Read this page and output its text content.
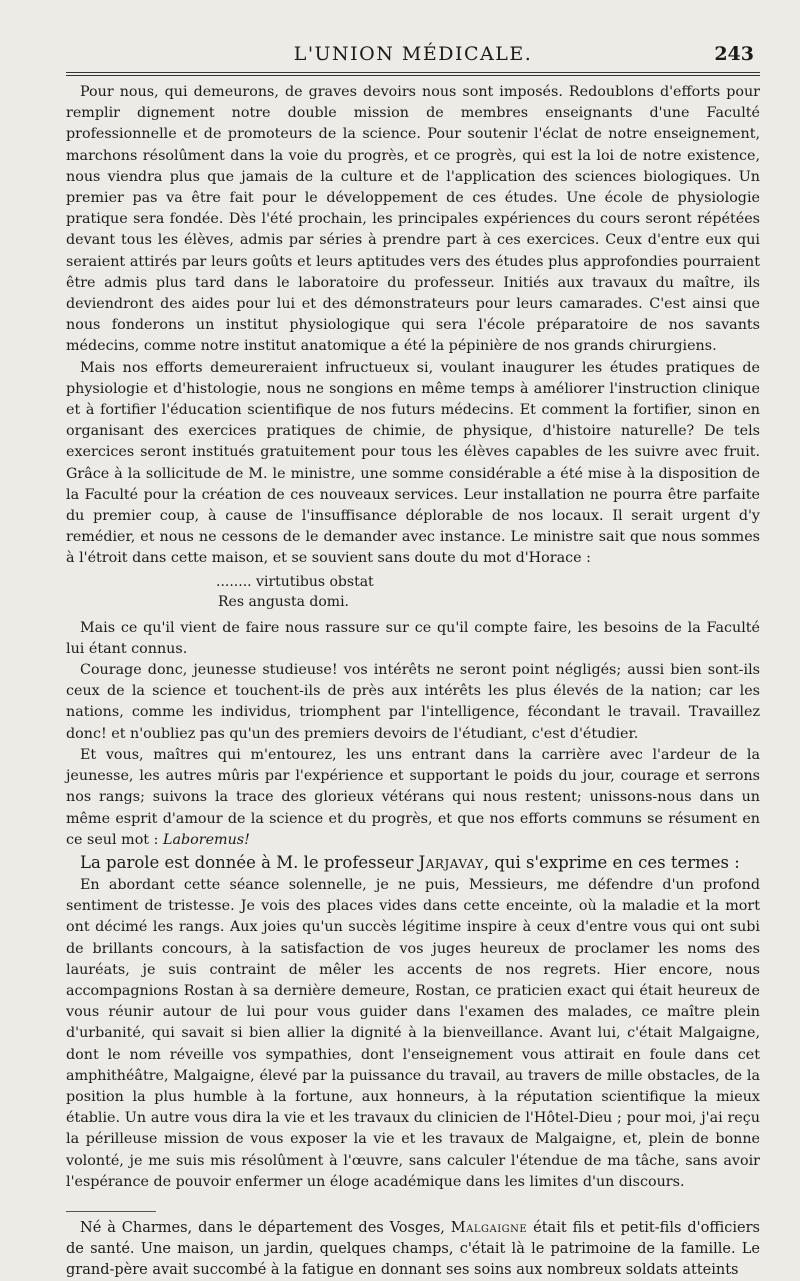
L'UNION MÉDICALE.	243

Pour nous, qui demeurons, de graves devoirs nous sont imposés. Redoublons d'efforts pour remplir dignement notre double mission de membres enseignants d'une Faculté professionnelle et de promoteurs de la science. Pour soutenir l'éclat de notre enseignement, marchons résolûment dans la voie du progrès, et ce progrès, qui est la loi de notre existence, nous viendra plus que jamais de la culture et de l'application des sciences biologiques. Un premier pas va être fait pour le développement de ces études. Une école de physiologie pratique sera fondée. Dès l'été prochain, les principales expériences du cours seront répétées devant tous les élèves, admis par séries à prendre part à ces exercices. Ceux d'entre eux qui seraient attirés par leurs goûts et leurs aptitudes vers des études plus approfondies pourraient être admis plus tard dans le laboratoire du professeur. Initiés aux travaux du maître, ils deviendront des aides pour lui et des démonstrateurs pour leurs camarades. C'est ainsi que nous fonderons un institut physiologique qui sera l'école préparatoire de nos savants médecins, comme notre institut anatomique a été la pépinière de nos grands chirurgiens.

Mais nos efforts demeureraient infructueux si, voulant inaugurer les études pratiques de physiologie et d'histologie, nous ne songions en même temps à améliorer l'instruction clinique et à fortifier l'éducation scientifique de nos futurs médecins. Et comment la fortifier, sinon en organisant des exercices pratiques de chimie, de physique, d'histoire naturelle? De tels exercices seront institués gratuitement pour tous les élèves capables de les suivre avec fruit. Grâce à la sollicitude de M. le ministre, une somme considérable a été mise à la disposition de la Faculté pour la création de ces nouveaux services. Leur installation ne pourra être parfaite du premier coup, à cause de l'insuffisance déplorable de nos locaux. Il serait urgent d'y remédier, et nous ne cessons de le demander avec instance. Le ministre sait que nous sommes à l'étroit dans cette maison, et se souvient sans doute du mot d'Horace :

........ virtutibus obstat
Res angusta domi.

Mais ce qu'il vient de faire nous rassure sur ce qu'il compte faire, les besoins de la Faculté lui étant connus.

Courage donc, jeunesse studieuse! vos intérêts ne seront point négligés; aussi bien sont-ils ceux de la science et touchent-ils de près aux intérêts les plus élevés de la nation; car les nations, comme les individus, triomphent par l'intelligence, fécondant le travail. Travaillez donc! et n'oubliez pas qu'un des premiers devoirs de l'étudiant, c'est d'étudier.

Et vous, maîtres qui m'entourez, les uns entrant dans la carrière avec l'ardeur de la jeunesse, les autres mûris par l'expérience et supportant le poids du jour, courage et serrons nos rangs; suivons la trace des glorieux vétérans qui nous restent; unissons-nous dans un même esprit d'amour de la science et du progrès, et que nos efforts communs se résument en ce seul mot : Laboremus!

La parole est donnée à M. le professeur Jarjavay, qui s'exprime en ces termes :

En abordant cette séance solennelle, je ne puis, Messieurs, me défendre d'un profond sentiment de tristesse. Je vois des places vides dans cette enceinte, où la maladie et la mort ont décimé les rangs. Aux joies qu'un succès légitime inspire à ceux d'entre vous qui ont subi de brillants concours, à la satisfaction de vos juges heureux de proclamer les noms des lauréats, je suis contraint de mêler les accents de nos regrets. Hier encore, nous accompagnions Rostan à sa dernière demeure, Rostan, ce praticien exact qui était heureux de vous réunir autour de lui pour vous guider dans l'examen des malades, ce maître plein d'urbanité, qui savait si bien allier la dignité à la bienveillance. Avant lui, c'était Malgaigne, dont le nom réveille vos sympathies, dont l'enseignement vous attirait en foule dans cet amphithéâtre, Malgaigne, élevé par la puissance du travail, au travers de mille obstacles, de la position la plus humble à la fortune, aux honneurs, à la réputation scientifique la mieux établie. Un autre vous dira la vie et les travaux du clinicien de l'Hôtel-Dieu ; pour moi, j'ai reçu la périlleuse mission de vous exposer la vie et les travaux de Malgaigne, et, plein de bonne volonté, je me suis mis résolûment à l'œuvre, sans calculer l'étendue de ma tâche, sans avoir l'espérance de pouvoir enfermer un éloge académique dans les limites d'un discours.

Né à Charmes, dans le département des Vosges, Malgaigne était fils et petit-fils d'officiers de santé. Une maison, un jardin, quelques champs, c'était là le patrimoine de la famille. Le grand-père avait succombé à la fatigue en donnant ses soins aux nombreux soldats atteints
